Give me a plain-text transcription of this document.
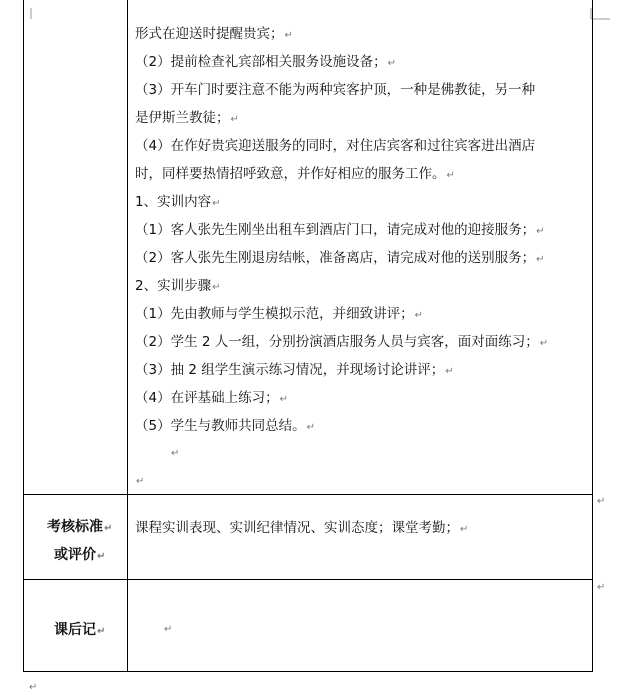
形式在迎送时提醒贵宾；↵
（2）提前检查礼宾部相关服务设施设备；↵
（3）开车门时要注意不能为两种宾客护顶，一种是佛教徒，另一种
是伊斯兰教徒；↵
（4）在作好贵宾迎送服务的同时，对住店宾客和过往宾客进出酒店
时，同样要热情招呼致意，并作好相应的服务工作。↵
1、实训内容↵
（1）客人张先生刚坐出租车到酒店门口，请完成对他的迎接服务；↵
（2）客人张先生刚退房结帐，准备离店，请完成对他的送别服务；↵
2、实训步骤↵
（1）先由教师与学生模拟示范，并细致讲评；↵
（2）学生 2 人一组，分别扮演酒店服务人员与宾客，面对面练习；↵
（3）抽 2 组学生演示练习情况，并现场讨论讲评；↵
（4）在评基础上练习；↵
（5）学生与教师共同总结。↵
↵
↵
考核标准↵
或评价↵
课程实训表现、实训纪律情况、实训态度；课堂考勤；↵
↵
课后记↵	↵
↵
↵
